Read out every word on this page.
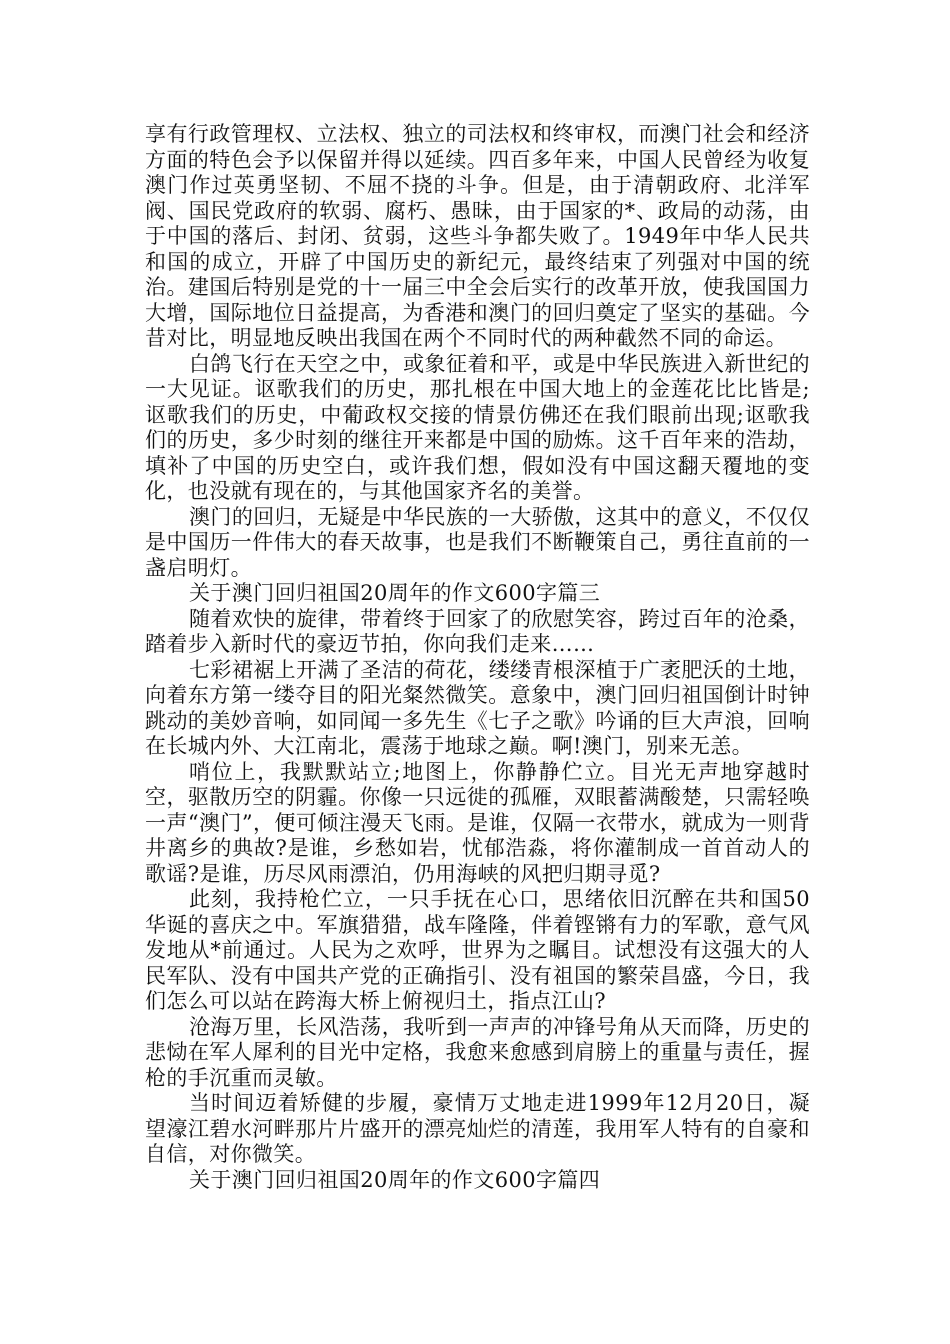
享有行政管理权、立法权、独立的司法权和终审权，而澳门社会和经济方面的特色会予以保留并得以延续。四百多年来，中国人民曾经为收复澳门作过英勇坚韧、不屈不挠的斗争。但是，由于清朝政府、北洋军阀、国民党政府的软弱、腐朽、愚昧，由于国家的*、政局的动荡，由于中国的落后、封闭、贫弱，这些斗争都失败了。1949年中华人民共和国的成立，开辟了中国历史的新纪元，最终结束了列强对中国的统治。建国后特别是党的十一届三中全会后实行的改革开放，使我国国力大增，国际地位日益提高，为香港和澳门的回归奠定了坚实的基础。今昔对比，明显地反映出我国在两个不同时代的两种截然不同的命运。

白鸽飞行在天空之中，或象征着和平，或是中华民族进入新世纪的一大见证。讴歌我们的历史，那扎根在中国大地上的金莲花比比皆是;讴歌我们的历史，中葡政权交接的情景仿佛还在我们眼前出现;讴歌我们的历史，多少时刻的继往开来都是中国的励炼。这千百年来的浩劫，填补了中国的历史空白，或许我们想，假如没有中国这翻天覆地的变化，也没就有现在的，与其他国家齐名的美誉。

澳门的回归，无疑是中华民族的一大骄傲，这其中的意义，不仅仅是中国历一件伟大的春天故事，也是我们不断鞭策自己，勇往直前的一盏启明灯。

关于澳门回归祖国20周年的作文600字篇三

随着欢快的旋律，带着终于回家了的欣慰笑容，跨过百年的沧桑，踏着步入新时代的豪迈节拍，你向我们走来……

七彩裙裾上开满了圣洁的荷花，缕缕青根深植于广袤肥沃的土地，向着东方第一缕夺目的阳光粲然微笑。意象中，澳门回归祖国倒计时钟跳动的美妙音响，如同闻一多先生《七子之歌》吟诵的巨大声浪，回响在长城内外、大江南北，震荡于地球之巅。啊!澳门，别来无恙。

哨位上，我默默站立;地图上，你静静伫立。目光无声地穿越时空，驱散历空的阴霾。你像一只远徙的孤雁，双眼蓄满酸楚，只需轻唤一声“澳门”，便可倾注漫天飞雨。是谁，仅隔一衣带水，就成为一则背井离乡的典故?是谁，乡愁如岩，忧郁浩淼，将你灌制成一首首动人的歌谣?是谁，历尽风雨漂泊，仍用海峡的风把归期寻觅?

此刻，我持枪伫立，一只手抚在心口，思绪依旧沉醉在共和国50华诞的喜庆之中。军旗猎猎，战车隆隆，伴着铿锵有力的军歌，意气风发地从*前通过。人民为之欢呼，世界为之瞩目。试想没有这强大的人民军队、没有中国共产党的正确指引、没有祖国的繁荣昌盛，今日，我们怎么可以站在跨海大桥上俯视归土，指点江山?

沧海万里，长风浩荡，我听到一声声的冲锋号角从天而降，历史的悲恸在军人犀利的目光中定格，我愈来愈感到肩膀上的重量与责任，握枪的手沉重而灵敏。

当时间迈着矫健的步履，豪情万丈地走进1999年12月20日，凝望濠江碧水河畔那片片盛开的漂亮灿烂的清莲，我用军人特有的自豪和自信，对你微笑。

关于澳门回归祖国20周年的作文600字篇四
